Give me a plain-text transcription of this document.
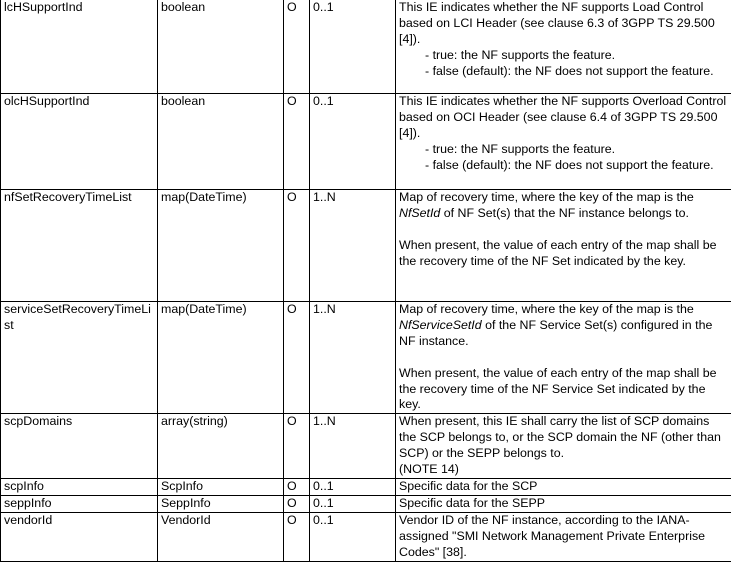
lcHSupportInd	boolean	O	0..1	This IE indicates whether the NF supports Load Control based on LCI Header (see clause 6.3 of 3GPP TS 29.500 [4]).
- true: the NF supports the feature.
- false (default): the NF does not support the feature.

olcHSupportInd	boolean	O	0..1	This IE indicates whether the NF supports Overload Control based on OCI Header (see clause 6.4 of 3GPP TS 29.500 [4]).
- true: the NF supports the feature.
- false (default): the NF does not support the feature.

nfSetRecoveryTimeList	map(DateTime)	O	1..N	Map of recovery time, where the key of the map is the NfSetId of NF Set(s) that the NF instance belongs to.
When present, the value of each entry of the map shall be the recovery time of the NF Set indicated by the key.

serviceSetRecoveryTimeList	map(DateTime)	O	1..N	Map of recovery time, where the key of the map is the NfServiceSetId of the NF Service Set(s) configured in the NF instance.
When present, the value of each entry of the map shall be the recovery time of the NF Service Set indicated by the key.

scpDomains	array(string)	O	1..N	When present, this IE shall carry the list of SCP domains the SCP belongs to, or the SCP domain the NF (other than SCP) or the SEPP belongs to.
(NOTE 14)

scpInfo	ScpInfo	O	0..1	Specific data for the SCP

seppInfo	SeppInfo	O	0..1	Specific data for the SEPP

vendorId	VendorId	O	0..1	Vendor ID of the NF instance, according to the IANA-assigned "SMI Network Management Private Enterprise Codes" [38].
